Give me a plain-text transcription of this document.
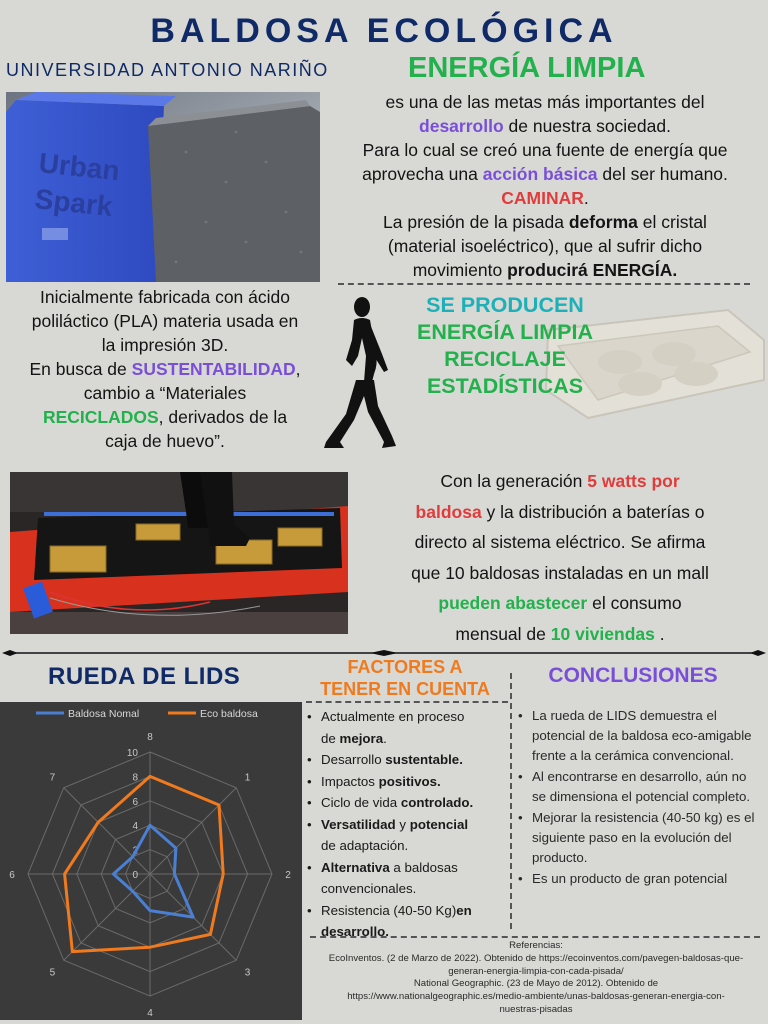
BALDOSA ECOLÓGICA
UNIVERSIDAD ANTONIO NARIÑO	ENERGÍA LIMPIA
Urban
Spark
es una de las metas más importantes del
desarrollo de nuestra sociedad.
Para lo cual se creó una fuente de energía que
aprovecha una acción básica del ser humano.
CAMINAR.
La presión de la pisada deforma el cristal
(material isoeléctrico), que al sufrir dicho
movimiento producirá ENERGÍA.
Inicialmente fabricada con ácido
poliláctico (PLA) materia usada en
la impresión 3D.
En busca de SUSTENTABILIDAD,
cambio a “Materiales
RECICLADOS, derivados de la
caja de huevo”.
SE PRODUCEN
ENERGÍA LIMPIA
RECICLAJE
ESTADÍSTICAS
Con la generación 5 watts por
baldosa y la distribución a baterías o
directo al sistema eléctrico. Se afirma
que 10 baldosas instaladas en un mall
pueden abastecer el consumo
mensual de 10 viviendas .
RUEDA DE LIDS
0
2
4
6
8
10
8
1
2
3
4
5
6
7
Baldosa Nomal	Eco baldosa
FACTORES A
TENER EN CUENTA
• Actualmente en proceso
de mejora.
• Desarrollo sustentable.
• Impactos positivos.
• Ciclo de vida controlado.
• Versatilidad y potencial
de adaptación.
• Alternativa a baldosas
convencionales.
• Resistencia (40-50 Kg)en
desarrollo.
CONCLUSIONES
• La rueda de LIDS demuestra el potencial de la baldosa eco-amigable frente a la cerámica convencional.
• Al encontrarse en desarrollo, aún no se dimensiona el potencial completo.
• Mejorar la resistencia (40-50 kg) es el siguiente paso en la evolución del producto.
• Es un producto de gran potencial
Referencias:
EcoInventos. (2 de Marzo de 2022). Obtenido de https://ecoinventos.com/pavegen-baldosas-que-
generan-energia-limpia-con-cada-pisada/
National Geographic. (23 de Mayo de 2012). Obtenido de
https://www.nationalgeographic.es/medio-ambiente/unas-baldosas-generan-energia-con-
nuestras-pisadas
